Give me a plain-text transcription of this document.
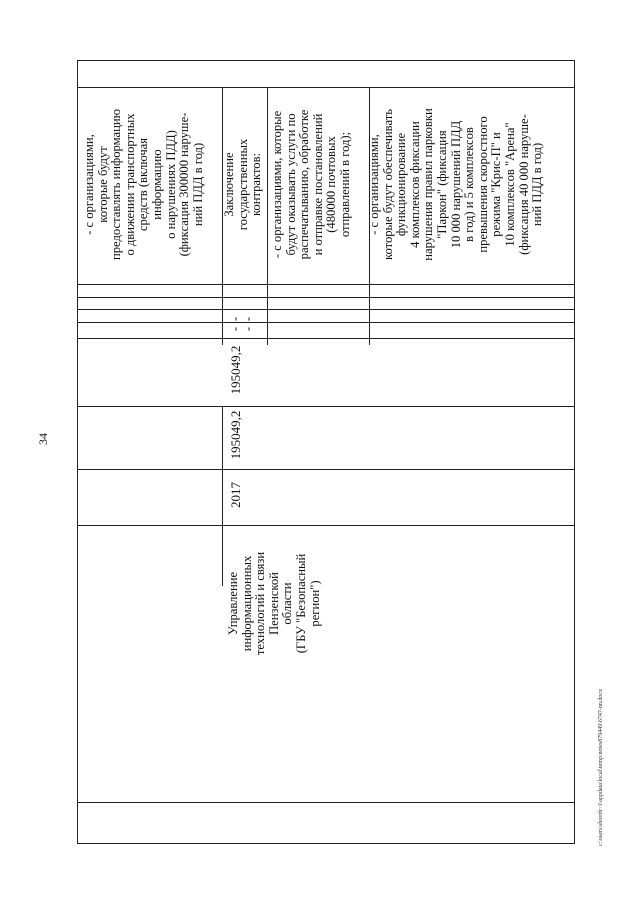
34
c:\users\sborob~1\appdata\local\temp\notes879449\6747-nn.docx
- с организациями,
которые будут
предоставлять информацию
о движении транспортных
средств (включая
информацию
о нарушениях ПДД)
(фиксация 300000 наруше-
ний ПДД в год) Заключение
государственных
контрактов:
- с организациями, которые
будут оказывать услуги по
распечатыванию, обработке
и отправке постановлений
(480000 почтовых
отправлений в год);
- с организациями,
которые будут обеспечивать
функционирование
4 комплексов фиксации
нарушения правил парковки
"Паркон" (фиксация
10 000 нарушений ПДД
в год) и 5 комплексов
превышения скоростного
режима "Крис-П" и
10 комплексов "Арена"
(фиксация 40 000 наруше-
ний ПДД в год)
- -
- -
195049,2
195049,2
2017
Управление
информационных
технологий и связи
Пензенской
области
(ГБУ "Безопасный
регион")
